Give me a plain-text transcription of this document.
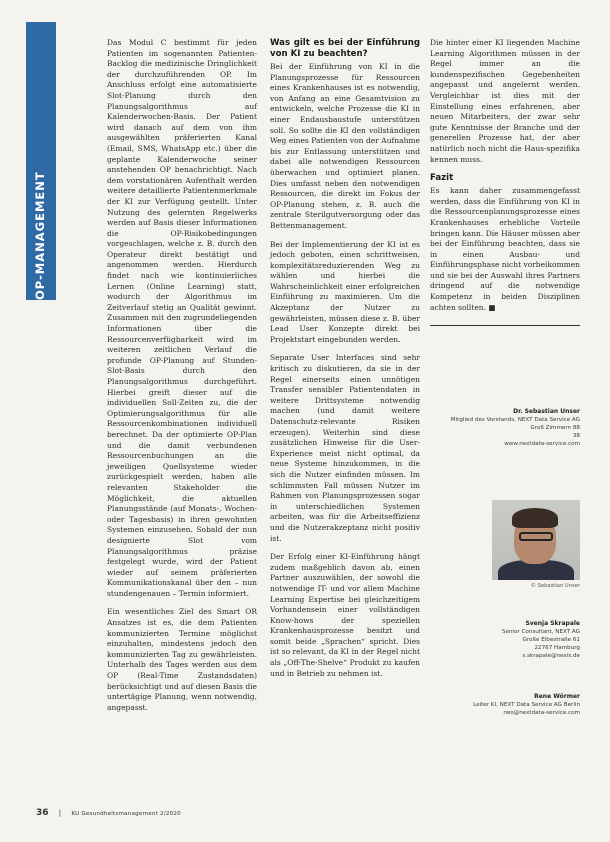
OP-MANAGEMENT

Das Modul C bestimmt für jeden Patienten im sogenannten Patienten-Backlog die medizinische Dringlichkeit der durchzuführenden OP. Im Anschluss erfolgt eine automatisierte Slot-Planung durch den Planungsalgorithmus auf Kalenderwochen-Basis. Der Patient wird danach auf dem von ihm ausgewählten präferierten Kanal (Email, SMS, WhatsApp etc.) über die geplante Kalenderwoche seiner anstehenden OP benachrichtigt. Nach dem vorstationären Aufenthalt werden weitere detaillierte Patientenmerkmale der KI zur Verfügung gestellt. Unter Nutzung des gelernten Regelwerks werden auf Basis dieser Informationen die OP-Risikobedingungen vorgeschlagen, welche z. B. durch den Operateur direkt bestätigt und angenommen werden. Hierdurch findet nach wie kontinuierliches Lernen (Online Learning) statt, wodurch der Algorithmus im Zeitverlauf stetig an Qualität gewinnt. Zusammen mit den zugrundeliegenden Informationen über die Ressourcenverfügbarkeit wird im weiteren zeitlichen Verlauf die profunde OP-Planung auf Stunden-Slot-Basis durch den Planungsalgorithmus durchgeführt. Hierbei greift dieser auf die individuellen Soll-Zeiten zu, die der Optimierungsalgorithmus für alle Ressourcenkombinationen individuell berechnet. Da der optimierte OP-Plan und die damit verbundenen Ressourcenbuchungen an die jeweiligen Quellsysteme wieder zurückgespielt werden, haben alle relevanten Stakeholder die Möglichkeit, die aktuellen Planungsstände (auf Monats-, Wochen- oder Tagesbasis) in ihren gewohnten Systemen einzusehen. Sobald der nun designierte Slot vom Planungsalgorithmus präzise festgelegt wurde, wird der Patient wieder auf seinem präferierten Kommunikationskanal über den – nun stundengenauen – Termin informiert.

Ein wesentliches Ziel des Smart OR Ansatzes ist es, die dem Patienten kommunizierten Termine möglichst einzuhalten, mindestens jedoch den kommunizierten Tag zu gewährleisten. Unterhalb des Tages werden aus dem OP (Real-Time Zustandsdaten) berücksichtigt und auf diesen Basis die untertägige Planung, wenn notwendig, angepasst.

Was gilt es bei der Einführung von KI zu beachten?

Bei der Einführung von KI in die Planungsprozesse für Ressourcen eines Krankenhauses ist es notwendig, von Anfang an eine Gesamtvision zu entwickeln, welche Prozesse die KI in einer Endausbaustufe unterstützen soll. So sollte die KI den vollständigen Weg eines Patienten von der Aufnahme bis zur Entlassung unterstützen und dabei alle notwendigen Ressourcen überwachen und optimiert planen. Dies umfasst neben den notwendigen Ressourcen, die direkt im Fokus der OP-Planung stehen, z. B. auch die zentrale Sterilgutversorgung oder das Bettenmanagement.

Bei der Implementierung der KI ist es jedoch geboten, einen schrittweisen, komplexitätsreduzierenden Weg zu wählen und hierbei die Wahrscheinlichkeit einer erfolgreichen Einführung zu maximieren. Um die Akzeptanz der Nutzer zu gewährleisten, müssen diese z. B. über Lead User Konzepte direkt bei Projektstart eingebunden werden.

Separate User Interfaces sind sehr kritisch zu diskutieren, da sie in der Regel einerseits einen unnötigen Transfer sensibler Patientendaten in weitere Drittsysteme notwendig machen (und damit weitere Datenschutz-relevante Risiken erzeugen). Weiterhin sind diese zusätzlichen Hinweise für die User-Experience meist nicht optimal, da neue Systeme hinzukommen, in die sich die Nutzer einfinden müssen. Im schlimmsten Fall müssen Nutzer im Rahmen von Planungsprozessen sogar in unterschiedlichen Systemen arbeiten, was für die Arbeitseffizienz und die Nutzerakzeptanz nicht positiv ist.

Der Erfolg einer KI-Einführung hängt zudem maßgeblich davon ab, einen Partner auszuwählen, der sowohl die notwendige IT- und vor allem Machine Learning Expertise bei gleichzeitigem Vorhandensein einer vollständigen Know-hows der speziellen Krankenhausprozesse besitzt und somit beide „Sprachen“ spricht. Dies ist so relevant, da KI in der Regel nicht als „Off-The-Shelve“ Produkt zu kaufen und in Betrieb zu nehmen ist.

Die hinter einer KI liegenden Machine Learning Algorithmen müssen in der Regel immer an die kundenspezifischen Gegebenheiten angepasst und angelernt werden. Vergleichbar ist dies mit der Einstellung eines erfahrenen, aber neuen Mitarbeiters, der zwar sehr gute Kenntnisse der Branche und der generellen Prozesse hat, der aber natürlich noch nicht die Haus-spezifika kennen muss.

Fazit

Es kann daher zusammengefasst werden, dass die Einführung von KI in die Ressourcenplanungsprozesse eines Krankenhauses erhebliche Vorteile bringen kann. Die Häuser müssen aber bei der Einführung beachten, dass sie in einen Ausbau- und Einführungsphase nicht vorbeikommen und sie bei der Auswahl ihres Partners dringend auf die notwendige Kompetenz in beiden Disziplinen achten sollten. ■

Dr. Sebastian Unser
Mitglied des Vorstands, NEXT Data Service AG
Groß Zimmern 88
38
www.nextdata-service.com
© Sebastian Unser
Svenja Skrapale
Senior Consultant, NEXT AG
Große Elbestraße 61
22767 Hamburg
s.skrapale@nexis.de
Rene Wörmer
Leiter KI, NEXT Data Service AG Berlin
rwo@nextdata-service.com
36 | KU Gesundheitsmanagement 2/2020
